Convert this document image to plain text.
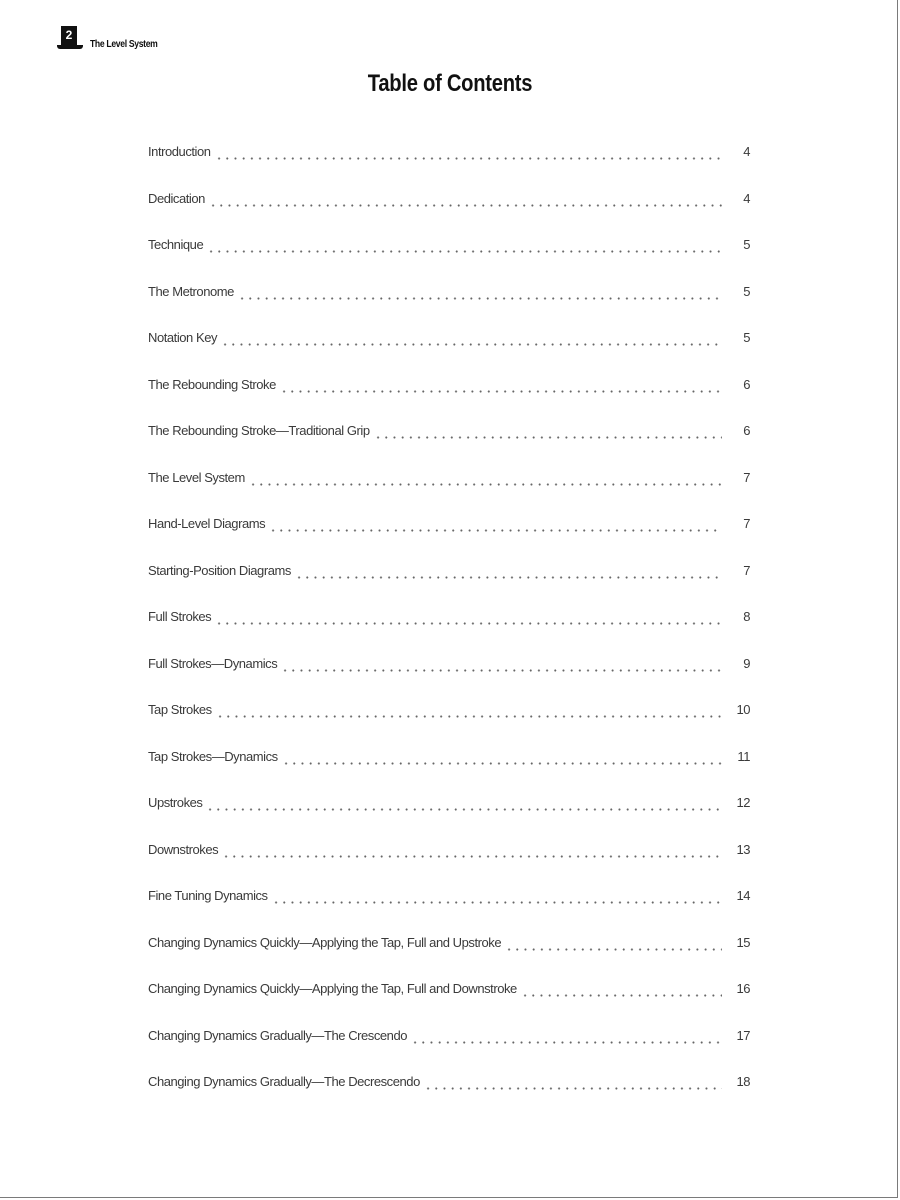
2
The Level System
Table of Contents
Introduction	4
Dedication	4
Technique	5
The Metronome	5
Notation Key	5
The Rebounding Stroke	6
The Rebounding Stroke—Traditional Grip	6
The Level System	7
Hand-Level Diagrams	7
Starting-Position Diagrams	7
Full Strokes	8
Full Strokes—Dynamics	9
Tap Strokes	10
Tap Strokes—Dynamics	11
Upstrokes	12
Downstrokes	13
Fine Tuning Dynamics	14
Changing Dynamics Quickly—Applying the Tap, Full and Upstroke	15
Changing Dynamics Quickly—Applying the Tap, Full and Downstroke	16
Changing Dynamics Gradually—The Crescendo	17
Changing Dynamics Gradually—The Decrescendo	18
